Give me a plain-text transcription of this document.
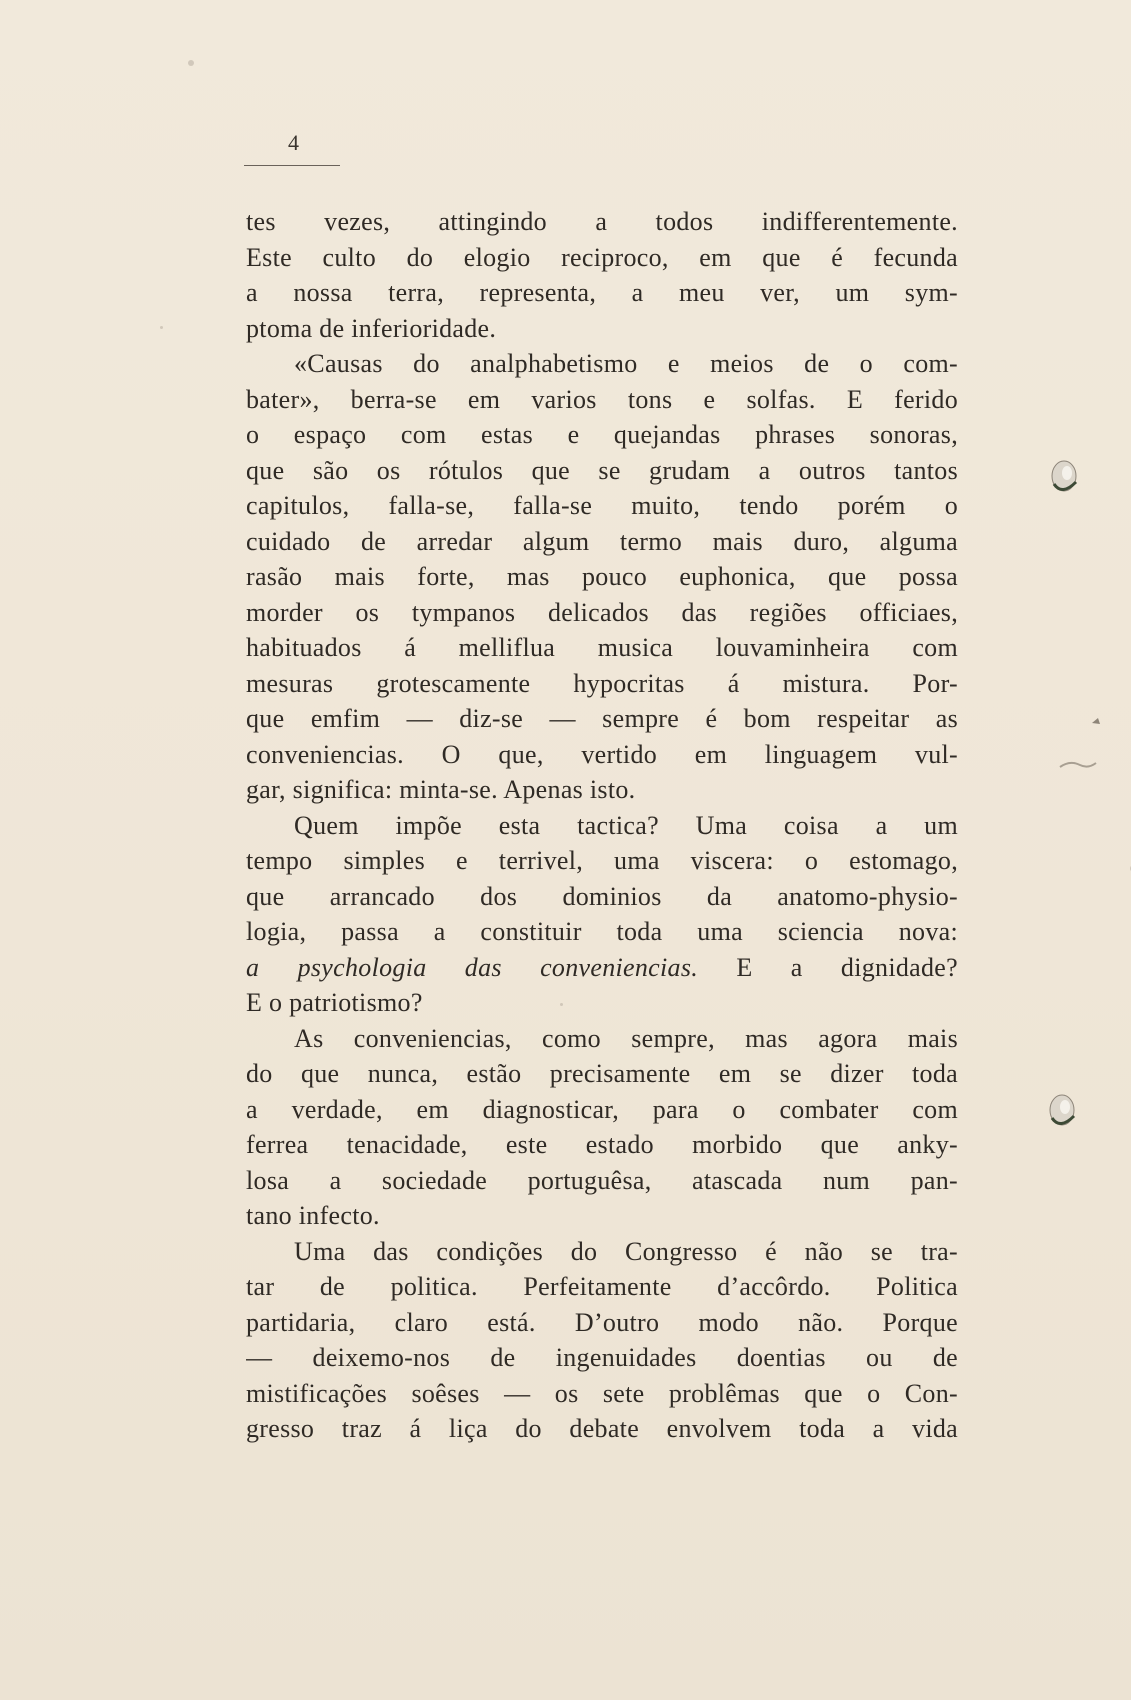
4
tes vezes, attingindo a todos indifferentemente.
Este culto do elogio reciproco, em que é fecunda
a nossa terra, representa, a meu ver, um sym-
ptoma de inferioridade.
«Causas do analphabetismo e meios de o com-
bater», berra-se em varios tons e solfas. E ferido
o espaço com estas e quejandas phrases sonoras,
que são os rótulos que se grudam a outros tantos
capitulos, falla-se, falla-se muito, tendo porém o
cuidado de arredar algum termo mais duro, alguma
rasão mais forte, mas pouco euphonica, que possa
morder os tympanos delicados das regiões officiaes,
habituados á melliflua musica louvaminheira com
mesuras grotescamente hypocritas á mistura. Por-
que emfim — diz-se — sempre é bom respeitar as
conveniencias. O que, vertido em linguagem vul-
gar, significa: minta-se. Apenas isto.
Quem impõe esta tactica? Uma coisa a um
tempo simples e terrivel, uma viscera: o estomago,
que arrancado dos dominios da anatomo-physio-
logia, passa a constituir toda uma sciencia nova:
a psychologia das conveniencias. E a dignidade?
E o patriotismo?
As conveniencias, como sempre, mas agora mais
do que nunca, estão precisamente em se dizer toda
a verdade, em diagnosticar, para o combater com
ferrea tenacidade, este estado morbido que anky-
losa a sociedade portuguêsa, atascada num pan-
tano infecto.
Uma das condições do Congresso é não se tra-
tar de politica. Perfeitamente d’accôrdo. Politica
partidaria, claro está. D’outro modo não. Porque
— deixemo-nos de ingenuidades doentias ou de
mistificações soêses — os sete problêmas que o Con-
gresso traz á liça do debate envolvem toda a vida
